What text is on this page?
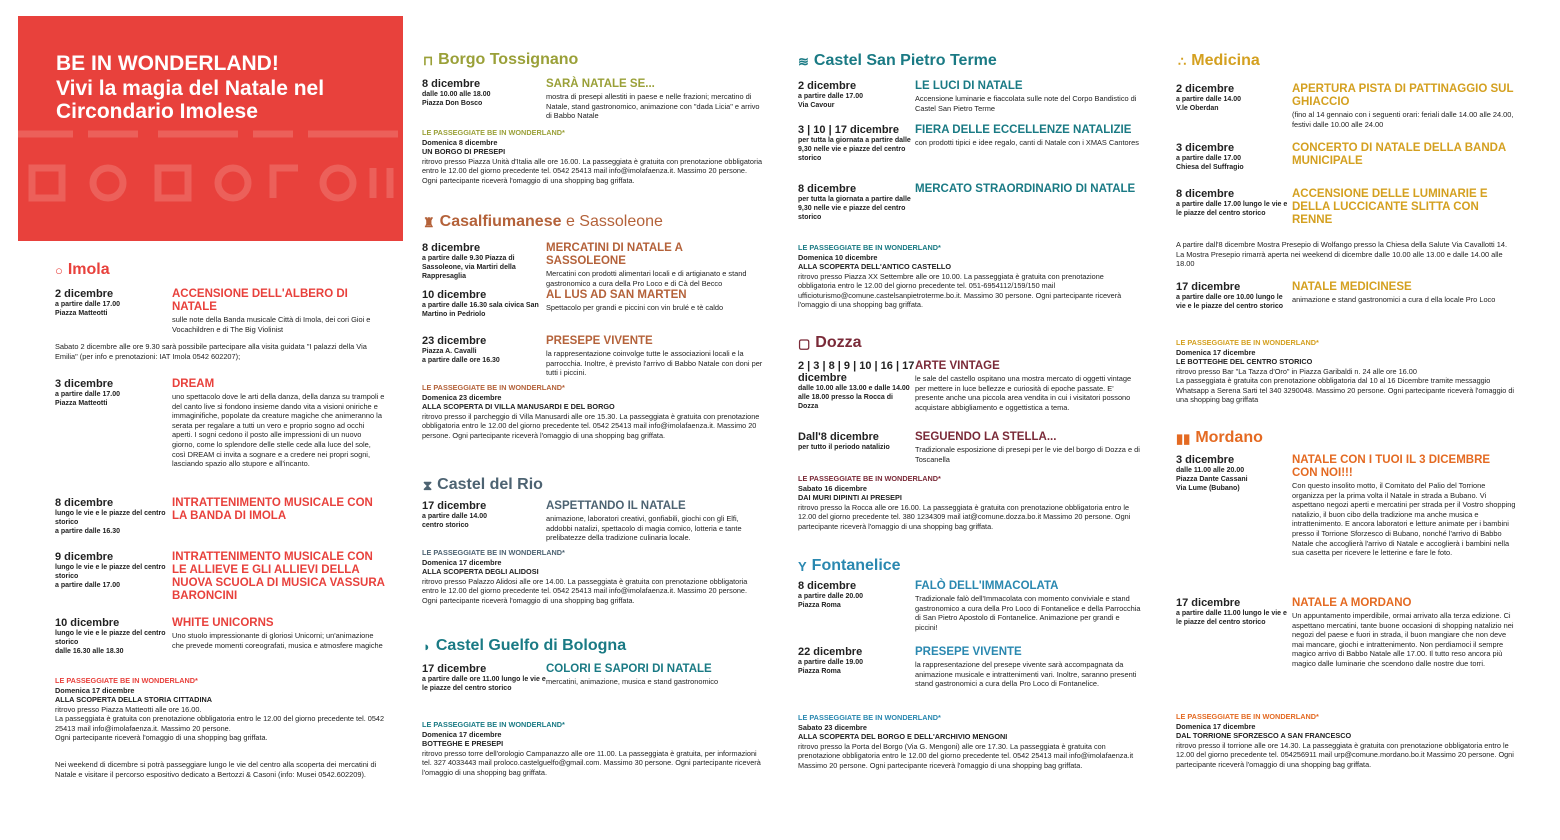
BE IN WONDERLAND!
Vivi la magia del Natale nel Circondario Imolese
○ Imola
2 dicembre
a partire dalle 17.00
Piazza Matteotti
ACCENSIONE DELL'ALBERO DI NATALE
sulle note della Banda musicale Città di Imola, dei cori Gioi e Vocachildren e di The Big Violinist
Sabato 2 dicembre alle ore 9.30 sarà possibile partecipare alla visita guidata "I palazzi della Via Emilia" (per info e prenotazioni: IAT Imola 0542 602207);
3 dicembre
a partire dalle 17.00
Piazza Matteotti
DREAM
uno spettacolo dove le arti della danza, della danza su trampoli e del canto live si fondono insieme dando vita a visioni oniriche e immaginifiche, popolate da creature magiche che animeranno la serata per regalare a tutti un vero e proprio sogno ad occhi aperti. I sogni cedono il posto alle impressioni di un nuovo giorno, come lo splendore delle stelle cede alla luce del sole, così DREAM ci invita a sognare e a credere nei propri sogni, lasciando spazio allo stupore e all'incanto.
8 dicembre
lungo le vie e le piazze del centro storico
a partire dalle 16.30
INTRATTENIMENTO MUSICALE CON LA BANDA DI IMOLA
9 dicembre
lungo le vie e le piazze del centro storico
a partire dalle 17.00
INTRATTENIMENTO MUSICALE CON LE ALLIEVE E GLI ALLIEVI DELLA NUOVA SCUOLA DI MUSICA VASSURA BARONCINI
10 dicembre
lungo le vie e le piazze del centro storico
dalle 16.30 alle 18.30
WHITE UNICORNS
Uno stuolo impressionante di gloriosi Unicorni; un'animazione che prevede momenti coreografati, musica e atmosfere magiche
LE PASSEGGIATE BE IN WONDERLAND*
Domenica 17 dicembre
ALLA SCOPERTA DELLA STORIA CITTADINA
ritrovo presso Piazza Matteotti alle ore 16.00.
La passeggiata è gratuita con prenotazione obbligatoria entro le 12.00 del giorno precedente tel. 0542 25413 mail info@imolafaenza.it. Massimo 20 persone.
Ogni partecipante riceverà l'omaggio di una shopping bag griffata.
Nei weekend di dicembre si potrà passeggiare lungo le vie del centro alla scoperta dei mercatini di Natale e visitare il percorso espositivo dedicato a Bertozzi & Casoni (info: Musei 0542.602209).
⊓ Borgo Tossignano
8 dicembre
dalle 10.00 alle 18.00
Piazza Don Bosco
SARÀ NATALE SE...
mostra di presepi allestiti in paese e nelle frazioni; mercatino di Natale, stand gastronomico, animazione con "dada Licia" e arrivo di Babbo Natale
LE PASSEGGIATE BE IN WONDERLAND*
Domenica 8 dicembre
UN BORGO DI PRESEPI
ritrovo presso Piazza Unità d'Italia alle ore 16.00. La passeggiata è gratuita con prenotazione obbligatoria entro le 12.00 del giorno precedente tel. 0542 25413 mail info@imolafaenza.it. Massimo 20 persone. Ogni partecipante riceverà l'omaggio di una shopping bag griffata.
♜ Casalfiumanese e Sassoleone
8 dicembre
a partire dalle 9.30 Piazza di Sassoleone, via Martiri della Rappresaglia
MERCATINI DI NATALE A SASSOLEONE
Mercatini con prodotti alimentari locali e di artigianato e stand gastronomico a cura della Pro Loco e di Cà del Becco
10 dicembre
a partire dalle 16.30 sala civica San Martino in Pedriolo
AL LUS AD SAN MARTEN
Spettacolo per grandi e piccini con vin brulé e tè caldo
23 dicembre
Piazza A. Cavalli
a partire dalle ore 16.30
PRESEPE VIVENTE
la rappresentazione coinvolge tutte le associazioni locali e la parrocchia. Inoltre, è previsto l'arrivo di Babbo Natale con doni per tutti i piccini.
LE PASSEGGIATE BE IN WONDERLAND*
Domenica 23 dicembre
ALLA SCOPERTA DI VILLA MANUSARDI E DEL BORGO
ritrovo presso il parcheggio di Villa Manusardi alle ore 15.30. La passeggiata è gratuita con prenotazione obbligatoria entro le 12.00 del giorno precedente tel. 0542 25413 mail info@imolafaenza.it. Massimo 20 persone. Ogni partecipante riceverà l'omaggio di una shopping bag griffata.
⧗ Castel del Rio
17 dicembre
a partire dalle 14.00
centro storico
ASPETTANDO IL NATALE
animazione, laboratori creativi, gonfiabili, giochi con gli Elfi, addobbi natalizi, spettacolo di magia comico, lotteria e tante prelibatezze della tradizione culinaria locale.
LE PASSEGGIATE BE IN WONDERLAND*
Domenica 17 dicembre
ALLA SCOPERTA DEGLI ALIDOSI
ritrovo presso Palazzo Alidosi alle ore 14.00. La passeggiata è gratuita con prenotazione obbligatoria entro le 12.00 del giorno precedente tel. 0542 25413 mail info@imolafaenza.it. Massimo 20 persone. Ogni partecipante riceverà l'omaggio di una shopping bag griffata.
◗ Castel Guelfo di Bologna
17 dicembre
a partire dalle ore 11.00 lungo le vie e le piazze del centro storico
COLORI E SAPORI DI NATALE
mercatini, animazione, musica e stand gastronomico
LE PASSEGGIATE BE IN WONDERLAND*
Domenica 17 dicembre
BOTTEGHE E PRESEPI
ritrovo presso torre dell'orologio Campanazzo alle ore 11.00. La passeggiata è gratuita, per informazioni tel. 327 4033443 mail proloco.castelguelfo@gmail.com. Massimo 30 persone. Ogni partecipante riceverà l'omaggio di una shopping bag griffata.
≋ Castel San Pietro Terme
2 dicembre
a partire dalle 17.00
Via Cavour
LE LUCI DI NATALE
Accensione luminarie e fiaccolata sulle note del Corpo Bandistico di Castel San Pietro Terme
3 | 10 | 17 dicembre
per tutta la giornata a partire dalle 9,30 nelle vie e piazze del centro storico
FIERA DELLE ECCELLENZE NATALIZIE
con prodotti tipici e idee regalo, canti di Natale con i XMAS Cantores
8 dicembre
per tutta la giornata a partire dalle 9,30 nelle vie e piazze del centro storico
MERCATO STRAORDINARIO DI NATALE
LE PASSEGGIATE BE IN WONDERLAND*
Domenica 10 dicembre
ALLA SCOPERTA DELL'ANTICO CASTELLO
ritrovo presso Piazza XX Settembre alle ore 10.00. La passeggiata è gratuita con prenotazione obbligatoria entro le 12.00 del giorno precedente tel. 051-6954112/159/150 mail ufficioturismo@comune.castelsanpietroterme.bo.it. Massimo 30 persone. Ogni partecipante riceverà l'omaggio di una shopping bag griffata.
▢ Dozza
2 | 3 | 8 | 9 | 10 | 16 | 17 dicembre
dalle 10.00 alle 13.00 e dalle 14.00 alle 18.00 presso la Rocca di Dozza
ARTE VINTAGE
le sale del castello ospitano una mostra mercato di oggetti vintage per mettere in luce bellezze e curiosità di epoche passate. E' presente anche una piccola area vendita in cui i visitatori possono acquistare abbigliamento e oggettistica a tema.
Dall'8 dicembre
per tutto il periodo natalizio
SEGUENDO LA STELLA...
Tradizionale esposizione di presepi per le vie del borgo di Dozza e di Toscanella
LE PASSEGGIATE BE IN WONDERLAND*
Sabato 16 dicembre
DAI MURI DIPINTI AI PRESEPI
ritrovo presso la Rocca alle ore 16.00. La passeggiata è gratuita con prenotazione obbligatoria entro le 12.00 del giorno precedente tel. 380 1234309 mail iat@comune.dozza.bo.it Massimo 20 persone. Ogni partecipante riceverà l'omaggio di una shopping bag griffata.
Y Fontanelice
8 dicembre
a partire dalle 20.00
Piazza Roma
FALÒ DELL'IMMACOLATA
Tradizionale falò dell'Immacolata con momento conviviale e stand gastronomico a cura della Pro Loco di Fontanelice e della Parrocchia di San Pietro Apostolo di Fontanelice. Animazione per grandi e piccini!
22 dicembre
a partire dalle 19.00
Piazza Roma
PRESEPE VIVENTE
la rappresentazione del presepe vivente sarà accompagnata da animazione musicale e intrattenimenti vari. Inoltre, saranno presenti stand gastronomici a cura della Pro Loco di Fontanelice.
LE PASSEGGIATE BE IN WONDERLAND*
Sabato 23 dicembre
ALLA SCOPERTA DEL BORGO E DELL'ARCHIVIO MENGONI
ritrovo presso la Porta del Borgo (Via G. Mengoni) alle ore 17.30. La passeggiata è gratuita con prenotazione obbligatoria entro le 12.00 del giorno precedente tel. 0542 25413 mail info@imolafaenza.it
Massimo 20 persone. Ogni partecipante riceverà l'omaggio di una shopping bag griffata.
∴ Medicina
2 dicembre
a partire dalle 14.00
V.le Oberdan
APERTURA PISTA DI PATTINAGGIO SUL GHIACCIO
(fino al 14 gennaio con i seguenti orari: feriali dalle 14.00 alle 24.00, festivi dalle 10.00 alle 24.00
3 dicembre
a partire dalle 17.00
Chiesa del Suffragio
CONCERTO DI NATALE DELLA BANDA MUNICIPALE
8 dicembre
a partire dalle 17.00 lungo le vie e le piazze del centro storico
ACCENSIONE DELLE LUMINARIE E DELLA LUCCICANTE SLITTA CON RENNE
A partire dall'8 dicembre Mostra Presepio di Wolfango presso la Chiesa della Salute Via Cavallotti 14. La Mostra Presepio rimarrà aperta nei weekend di dicembre dalle 10.00 alle 13.00 e dalle 14.00 alle 18.00
17 dicembre
a partire dalle ore 10.00 lungo le vie e le piazze del centro storico
NATALE MEDICINESE
animazione e stand gastronomici a cura d ella locale Pro Loco
LE PASSEGGIATE BE IN WONDERLAND*
Domenica 17 dicembre
LE BOTTEGHE DEL CENTRO STORICO
ritrovo presso Bar "La Tazza d'Oro" in Piazza Garibaldi n. 24 alle ore 16.00
La passeggiata è gratuita con prenotazione obbligatoria dal 10 al 16 Dicembre tramite messaggio Whatsapp a Serena Sarti tel 340 3290048. Massimo 20 persone. Ogni partecipante riceverà l'omaggio di una shopping bag griffata
▮▮ Mordano
3 dicembre
dalle 11.00 alle 20.00
Piazza Dante Cassani
Via Lume (Bubano)
NATALE CON I TUOI IL 3 DICEMBRE CON NOI!!!
Con questo insolito motto, il Comitato del Palio del Torrione organizza per la prima volta il Natale in strada a Bubano. Vi aspettano negozi aperti e mercatini per strada per il Vostro shopping natalizio, il buon cibo della tradizione ma anche musica e intrattenimento. E ancora laboratori e letture animate per i bambini presso il Torrione Sforzesco di Bubano, nonché l'arrivo di Babbo Natale che accoglierà l'arrivo di Natale e accoglierà i bambini nella sua casetta per ricevere le letterine e fare le foto.
17 dicembre
a partire dalle 11.00 lungo le vie e le piazze del centro storico
NATALE A MORDANO
Un appuntamento imperdibile, ormai arrivato alla terza edizione. Ci aspettano mercatini, tante buone occasioni di shopping natalizio nei negozi del paese e fuori in strada, il buon mangiare che non deve mai mancare, giochi e intrattenimento. Non perdiamoci il sempre magico arrivo di Babbo Natale alle 17.00. Il tutto reso ancora più magico dalle luminarie che scendono dalle nostre due torri.
LE PASSEGGIATE BE IN WONDERLAND*
Domenica 17 dicembre
DAL TORRIONE SFORZESCO A SAN FRANCESCO
ritrovo presso il torrione alle ore 14.30. La passeggiata è gratuita con prenotazione obbligatoria entro le 12.00 del giorno precedente tel. 054256911 mail urp@comune.mordano.bo.it Massimo 20 persone. Ogni partecipante riceverà l'omaggio di una shopping bag griffata.
